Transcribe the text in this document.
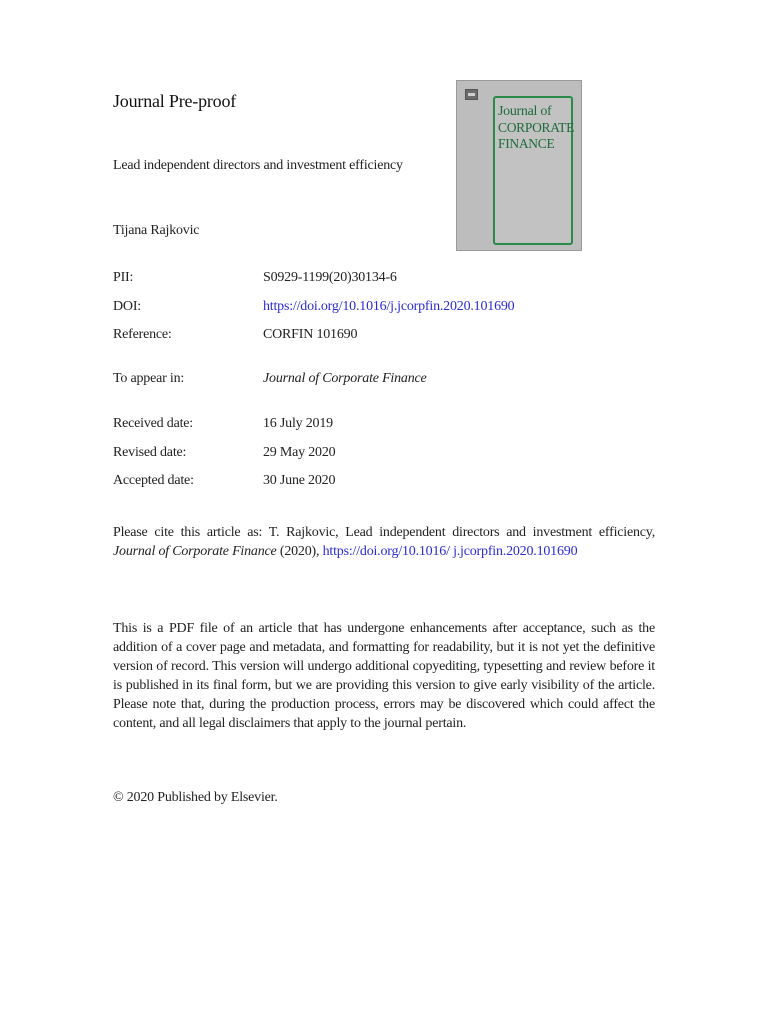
Journal Pre-proof
Lead independent directors and investment efficiency
Tijana Rajkovic
Journal of
CORPORATE
FINANCE
PII:	S0929-1199(20)30134-6
DOI:	https://doi.org/10.1016/j.jcorpfin.2020.101690
Reference:	CORFIN 101690
To appear in:	Journal of Corporate Finance
Received date:	16 July 2019
Revised date:	29 May 2020
Accepted date:	30 June 2020
Please cite this article as: T. Rajkovic, Lead independent directors and investment efficiency, Journal of Corporate Finance (2020), https://doi.org/10.1016/ j.jcorpfin.2020.101690
This is a PDF file of an article that has undergone enhancements after acceptance, such as the addition of a cover page and metadata, and formatting for readability, but it is not yet the definitive version of record. This version will undergo additional copyediting, typesetting and review before it is published in its final form, but we are providing this version to give early visibility of the article. Please note that, during the production process, errors may be discovered which could affect the content, and all legal disclaimers that apply to the journal pertain.
© 2020 Published by Elsevier.
